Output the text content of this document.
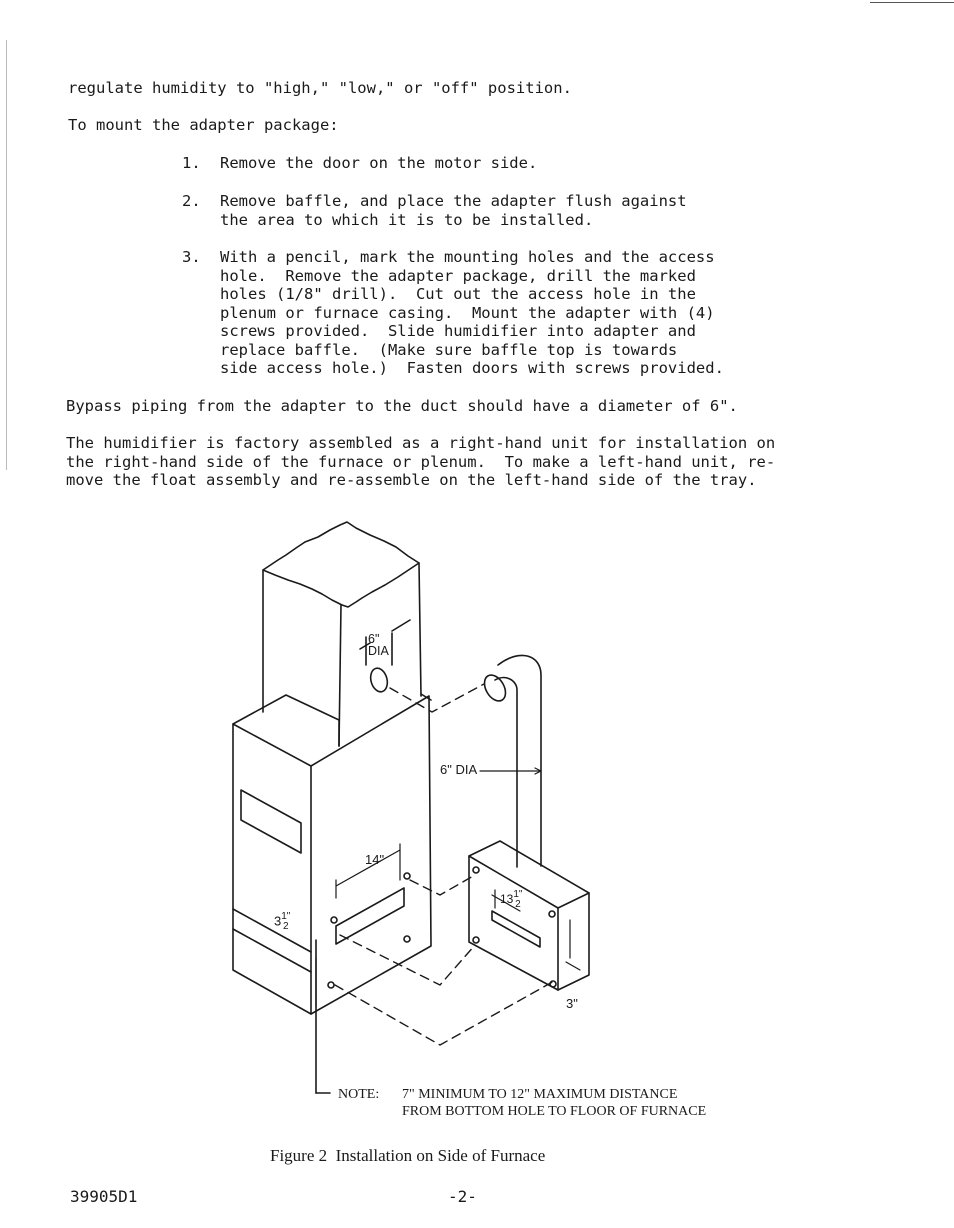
regulate humidity to "high," "low," or "off" position.

To mount the adapter package:

1. Remove the door on the motor side.
2. Remove baffle, and place the adapter flush against
the area to which it is to be installed.
3. With a pencil, mark the mounting holes and the access
hole.  Remove the adapter package, drill the marked
holes (1/8" drill).  Cut out the access hole in the
plenum or furnace casing.  Mount the adapter with (4)
screws provided.  Slide humidifier into adapter and
replace baffle.  (Make sure baffle top is towards
side access hole.)  Fasten doors with screws provided.

Bypass piping from the adapter to the duct should have a diameter of 6".

The humidifier is factory assembled as a right-hand unit for installation on

the right-hand side of the furnace or plenum.  To make a left-hand unit, re-

move the float assembly and re-assemble on the left-hand side of the tray.

6"
DIA
6" DIA
14"
3 1"
2
13 1"
2
3"
NOTE: 7" MINIMUM TO 12" MAXIMUM DISTANCE
FROM BOTTOM HOLE TO FLOOR OF FURNACE
Figure 2  Installation on Side of Furnace
39905D1	-2-
